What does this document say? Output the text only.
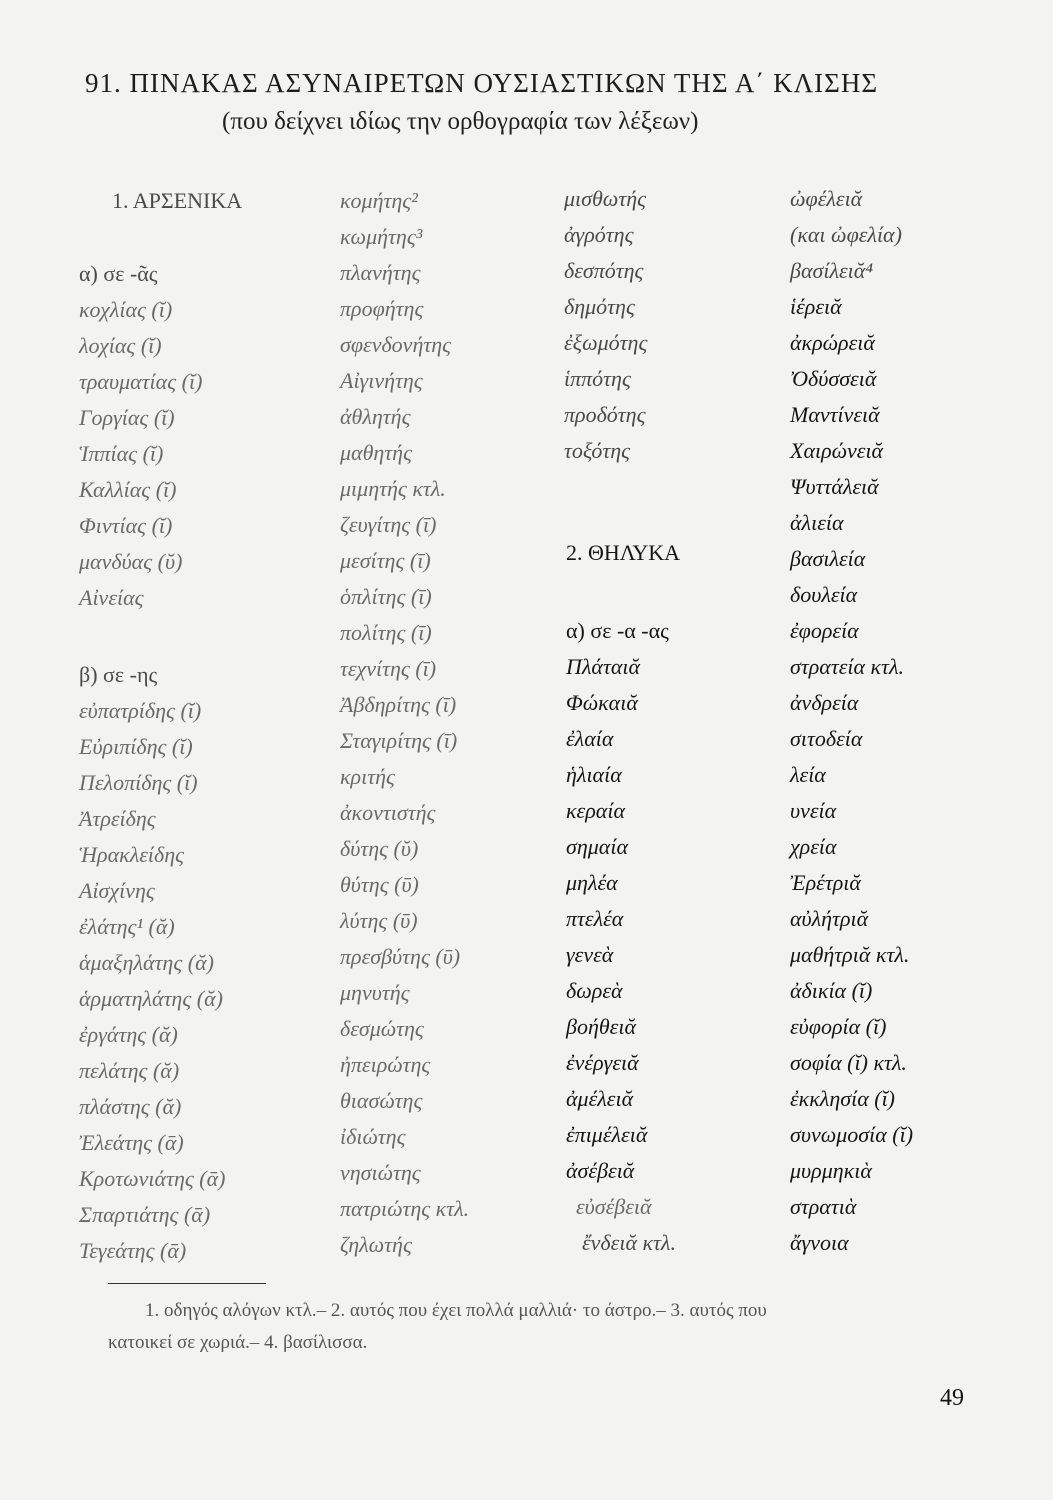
91. ΠΙΝΑΚΑΣ ΑΣΥΝΑΙΡΕΤΩΝ ΟΥΣΙΑΣΤΙΚΩΝ ΤΗΣ Α΄ ΚΛΙΣΗΣ
(που δείχνει ιδίως την ορθογραφία των λέξεων)
1. ΑΡΣΕΝΙΚΑ
α) σε -ᾶς
κοχλίας (ῐ)
λοχίας (ῐ)
τραυματίας (ῐ)
Γοργίας (ῐ)
Ἱππίας (ῐ)
Καλλίας (ῐ)
Φιντίας (ῐ)
μανδύας (ῠ)
Αἰνείας
β) σε -ης
εὐπατρίδης (ῐ)
Εὐριπίδης (ῐ)
Πελοπίδης (ῐ)
Ἀτρείδης
Ἡρακλείδης
Αἰσχίνης
ἐλάτης¹ (ᾰ)
ἁμαξηλάτης (ᾰ)
ἁρματηλάτης (ᾰ)
ἐργάτης (ᾰ)
πελάτης (ᾰ)
πλάστης (ᾰ)
Ἐλεάτης (ᾱ)
Κροτωνιάτης (ᾱ)
Σπαρτιάτης (ᾱ)
Τεγεάτης (ᾱ)
κομήτης²
κωμήτης³
πλανήτης
προφήτης
σφενδονήτης
Αἰγινήτης
ἀθλητής
μαθητής
μιμητής κτλ.
ζευγίτης (ῑ)
μεσίτης (ῑ)
ὁπλίτης (ῑ)
πολίτης (ῑ)
τεχνίτης (ῑ)
Ἀβδηρίτης (ῑ)
Σταγιρίτης (ῑ)
κριτής
ἀκοντιστής
δύτης (ῠ)
θύτης (ῡ)
λύτης (ῡ)
πρεσβύτης (ῡ)
μηνυτής
δεσμώτης
ἠπειρώτης
θιασώτης
ἰδιώτης
νησιώτης
πατριώτης κτλ.
ζηλωτής
μισθωτής
ἀγρότης
δεσπότης
δημότης
ἐξωμότης
ἱππότης
προδότης
τοξότης
2. ΘΗΛΥΚΑ
α) σε -α -ας
Πλάταιᾰ
Φώκαιᾰ
ἐλαία
ἡλιαία
κεραία
σημαία
μηλέα
πτελέα
γενεὰ
δωρεὰ
βοήθειᾰ
ἐνέργειᾰ
ἀμέλειᾰ
ἐπιμέλειᾰ
ἀσέβειᾰ
εὐσέβειᾰ
ἔνδειᾰ κτλ.
ὠφέλειᾰ
(και ὠφελία)
βασίλειᾰ⁴
ἱέρειᾰ
ἀκρώρειᾰ
Ὀδύσσειᾰ
Μαντίνειᾰ
Χαιρώνειᾰ
Ψυττάλειᾰ
ἀλιεία
βασιλεία
δουλεία
ἐφορεία
στρατεία κτλ.
ἀνδρεία
σιτοδεία
λεία
υνεία
χρεία
Ἐρέτριᾰ
αὐλήτριᾰ
μαθήτριᾰ κτλ.
ἀδικία (ῐ)
εὐφορία (ῐ)
σοφία (ῐ) κτλ.
ἐκκλησία (ῐ)
συνωμοσία (ῐ)
μυρμηκιὰ
στρατιὰ
ἄγνοια
1. οδηγός αλόγων κτλ.– 2. αυτός που έχει πολλά μαλλιά· το άστρο.– 3. αυτός που
κατοικεί σε χωριά.– 4. βασίλισσα.
49
